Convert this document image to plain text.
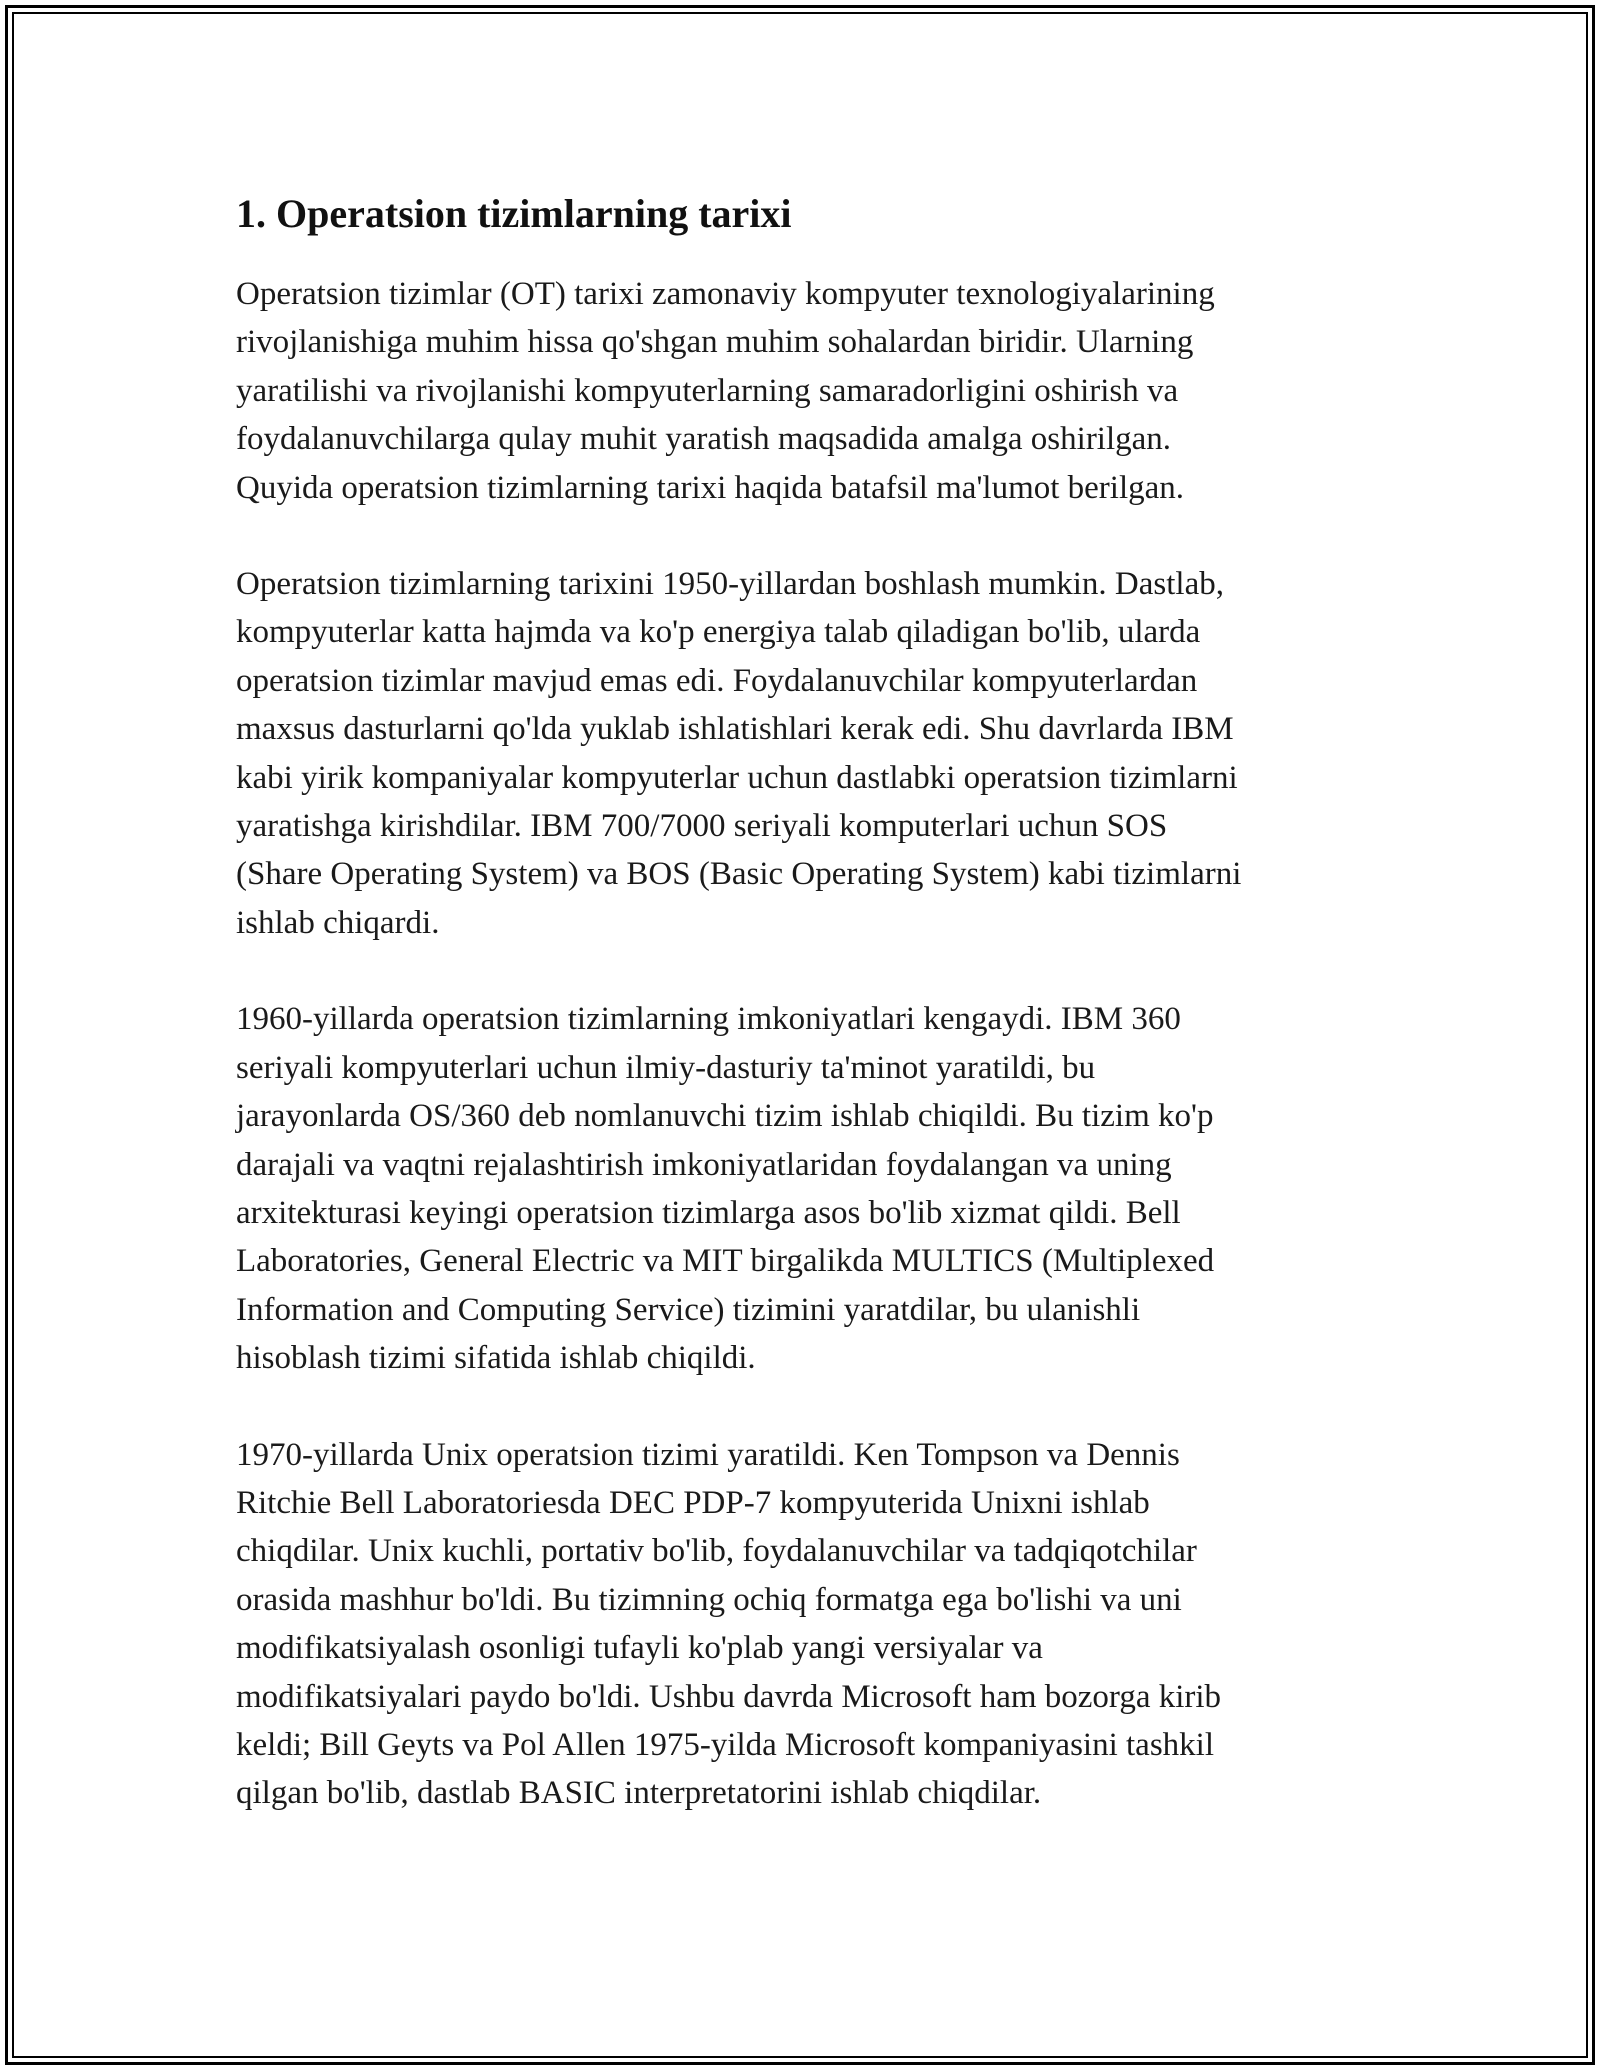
1. Operatsion tizimlarning tarixi
Operatsion tizimlar (OT) tarixi zamonaviy kompyuter texnologiyalarining
rivojlanishiga muhim hissa qo'shgan muhim sohalardan biridir. Ularning
yaratilishi va rivojlanishi kompyuterlarning samaradorligini oshirish va
foydalanuvchilarga qulay muhit yaratish maqsadida amalga oshirilgan.
Quyida operatsion tizimlarning tarixi haqida batafsil ma'lumot berilgan.
Operatsion tizimlarning tarixini 1950-yillardan boshlash mumkin. Dastlab,
kompyuterlar katta hajmda va ko'p energiya talab qiladigan bo'lib, ularda
operatsion tizimlar mavjud emas edi. Foydalanuvchilar kompyuterlardan
maxsus dasturlarni qo'lda yuklab ishlatishlari kerak edi. Shu davrlarda IBM
kabi yirik kompaniyalar kompyuterlar uchun dastlabki operatsion tizimlarni
yaratishga kirishdilar. IBM 700/7000 seriyali komputerlari uchun SOS
(Share Operating System) va BOS (Basic Operating System) kabi tizimlarni
ishlab chiqardi.
1960-yillarda operatsion tizimlarning imkoniyatlari kengaydi. IBM 360
seriyali kompyuterlari uchun ilmiy-dasturiy ta'minot yaratildi, bu
jarayonlarda OS/360 deb nomlanuvchi tizim ishlab chiqildi. Bu tizim ko'p
darajali va vaqtni rejalashtirish imkoniyatlaridan foydalangan va uning
arxitekturasi keyingi operatsion tizimlarga asos bo'lib xizmat qildi. Bell
Laboratories, General Electric va MIT birgalikda MULTICS (Multiplexed
Information and Computing Service) tizimini yaratdilar, bu ulanishli
hisoblash tizimi sifatida ishlab chiqildi.
1970-yillarda Unix operatsion tizimi yaratildi. Ken Tompson va Dennis
Ritchie Bell Laboratoriesda DEC PDP-7 kompyuterida Unixni ishlab
chiqdilar. Unix kuchli, portativ bo'lib, foydalanuvchilar va tadqiqotchilar
orasida mashhur bo'ldi. Bu tizimning ochiq formatga ega bo'lishi va uni
modifikatsiyalash osonligi tufayli ko'plab yangi versiyalar va
modifikatsiyalari paydo bo'ldi. Ushbu davrda Microsoft ham bozorga kirib
keldi; Bill Geyts va Pol Allen 1975-yilda Microsoft kompaniyasini tashkil
qilgan bo'lib, dastlab BASIC interpretatorini ishlab chiqdilar.
